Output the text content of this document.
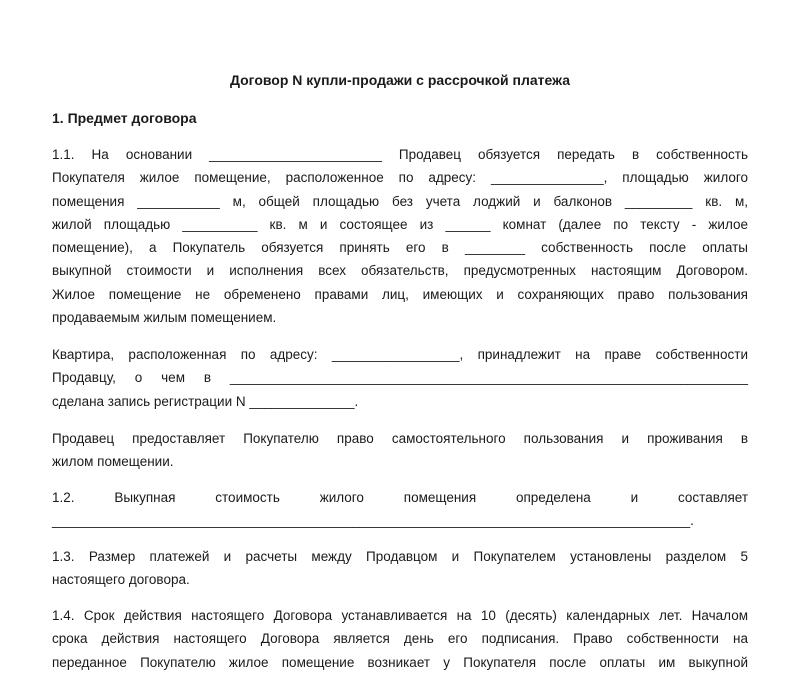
Договор N купли-продажи с рассрочкой платежа
1. Предмет договора
1.1. На основании _______________________ Продавец обязуется передать в собственность
Покупателя жилое помещение, расположенное по адресу: _______________, площадью жилого
помещения ___________ м, общей площадью без учета лоджий и балконов _________ кв. м,
жилой площадью __________ кв. м и состоящее из ______ комнат (далее по тексту - жилое
помещение), а Покупатель обязуется принять его в ________ собственность после оплаты
выкупной стоимости и исполнения всех обязательств, предусмотренных настоящим Договором.
Жилое помещение не обременено правами лиц, имеющих и сохраняющих право пользования
продаваемым жилым помещением.
Квартира, расположенная по адресу: _________________, принадлежит на праве собственности
Продавцу, о чем в _____________________________________________________________________
сделана запись регистрации N ______________.
Продавец предоставляет Покупателю право самостоятельного пользования и проживания в
жилом помещении.
1.2. Выкупная стоимость жилого помещения определена и составляет
_____________________________________________________________________________________.
1.3. Размер платежей и расчеты между Продавцом и Покупателем установлены разделом 5
настоящего договора.
1.4. Срок действия настоящего Договора устанавливается на 10 (десять) календарных лет. Началом
срока действия настоящего Договора является день его подписания. Право собственности на
переданное Покупателю жилое помещение возникает у Покупателя после оплаты им выкупной
